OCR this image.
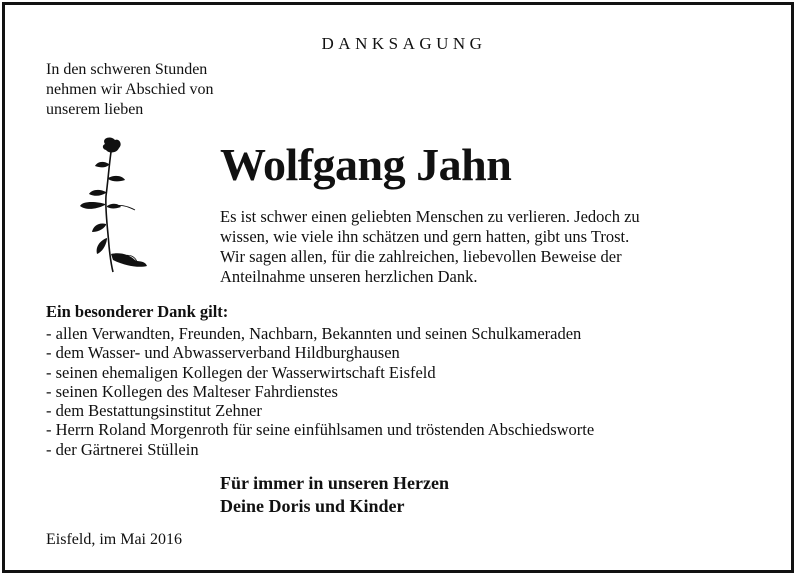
DANKSAGUNG
In den schweren Stunden
nehmen wir Abschied von
unserem lieben
Wolfgang Jahn
Es ist schwer einen geliebten Menschen zu verlieren. Jedoch zu
wissen, wie viele ihn schätzen und gern hatten, gibt uns Trost.
Wir sagen allen, für die zahlreichen, liebevollen Beweise der
Anteilnahme unseren herzlichen Dank.
Ein besonderer Dank gilt:
- allen Verwandten, Freunden, Nachbarn, Bekannten und seinen Schulkameraden
- dem Wasser- und Abwasserverband Hildburghausen
- seinen ehemaligen Kollegen der Wasserwirtschaft Eisfeld
- seinen Kollegen des Malteser Fahrdienstes
- dem Bestattungsinstitut Zehner
- Herrn Roland Morgenroth für seine einfühlsamen und tröstenden Abschiedsworte
- der Gärtnerei Stüllein
Für immer in unseren Herzen
Deine Doris und Kinder
Eisfeld, im Mai 2016
